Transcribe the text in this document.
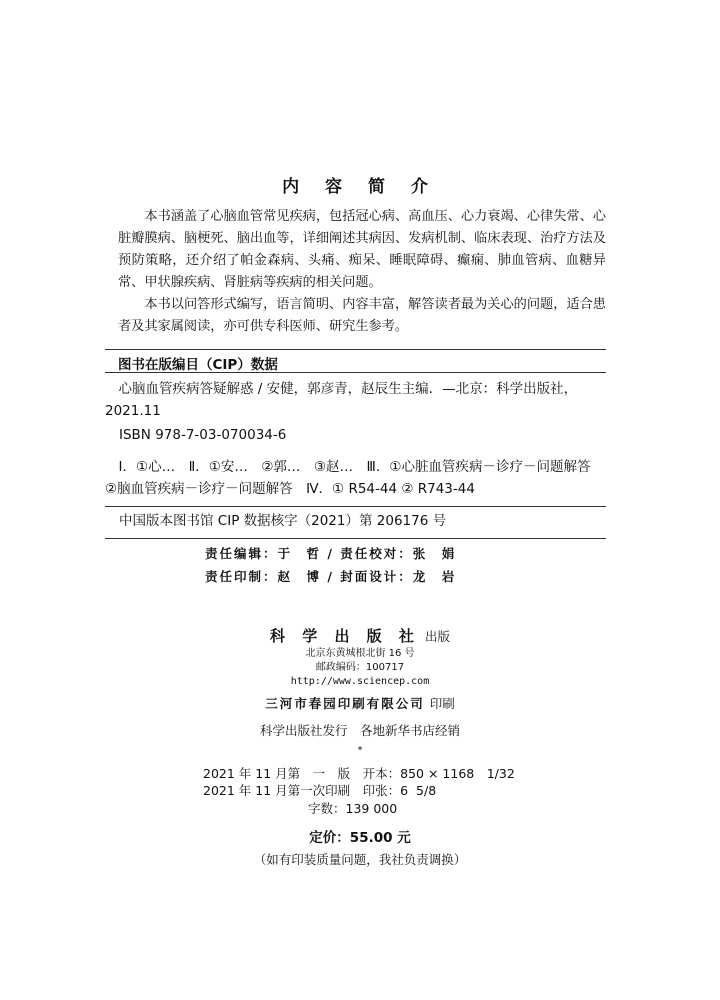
内 容 简 介

本书涵盖了心脑血管常见疾病，包括冠心病、高血压、心力衰竭、心律失常、心脏瓣膜病、脑梗死、脑出血等，详细阐述其病因、发病机制、临床表现、治疗方法及预防策略，还介绍了帕金森病、头痛、痴呆、睡眠障碍、癫痫、肺血管病、血糖异常、甲状腺疾病、肾脏病等疾病的相关问题。

本书以问答形式编写，语言简明、内容丰富，解答读者最为关心的问题，适合患者及其家属阅读，亦可供专科医师、研究生参考。

图书在版编目（CIP）数据
心脑血管疾病答疑解惑 / 安健，郭彦青，赵辰生主编．—北京：科学出版社，2021.11
ISBN 978-7-03-070034-6
Ⅰ．①心…　Ⅱ．①安…　②郭…　③赵…　Ⅲ．①心脏血管疾病－诊疗－问题解答　②脑血管疾病－诊疗－问题解答　Ⅳ．① R54-44 ② R743-44
中国版本图书馆 CIP 数据核字（2021）第 206176 号
责任编辑：于　哲 / 责任校对：张　娟
责任印制：赵　博 / 封面设计：龙　岩
科 学 出 版 社 出版
北京东黄城根北街 16 号
邮政编码：100717
http://www.sciencep.com
三河市春园印刷有限公司 印刷
科学出版社发行　各地新华书店经销
*
2021 年 11 月第　一　版　开本：850 × 1168　1/32
2021 年 11 月第一次印刷　印张：6  5/8
字数：139 000
定价：55.00 元
（如有印装质量问题，我社负责调换）
